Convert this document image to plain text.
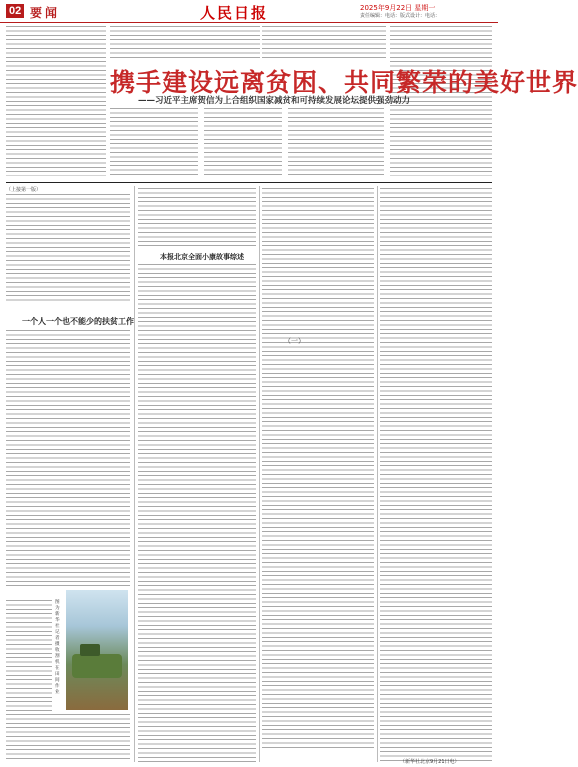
02 要闻	人民日报	2025年9月22日 星期一
责任编辑：电话：版式设计：电话：
携手建设远离贫困、共同繁荣的美好世界
——习近平主席贺信为上合组织国家减贫和可持续发展论坛提供强劲动力
（上接第一版）
一个人一个也不能少的扶贫工作
图为 新华社记者摄 收割机在田间作业
本报北京全面小康故事综述
（一）
（新华社北京9月21日电）
